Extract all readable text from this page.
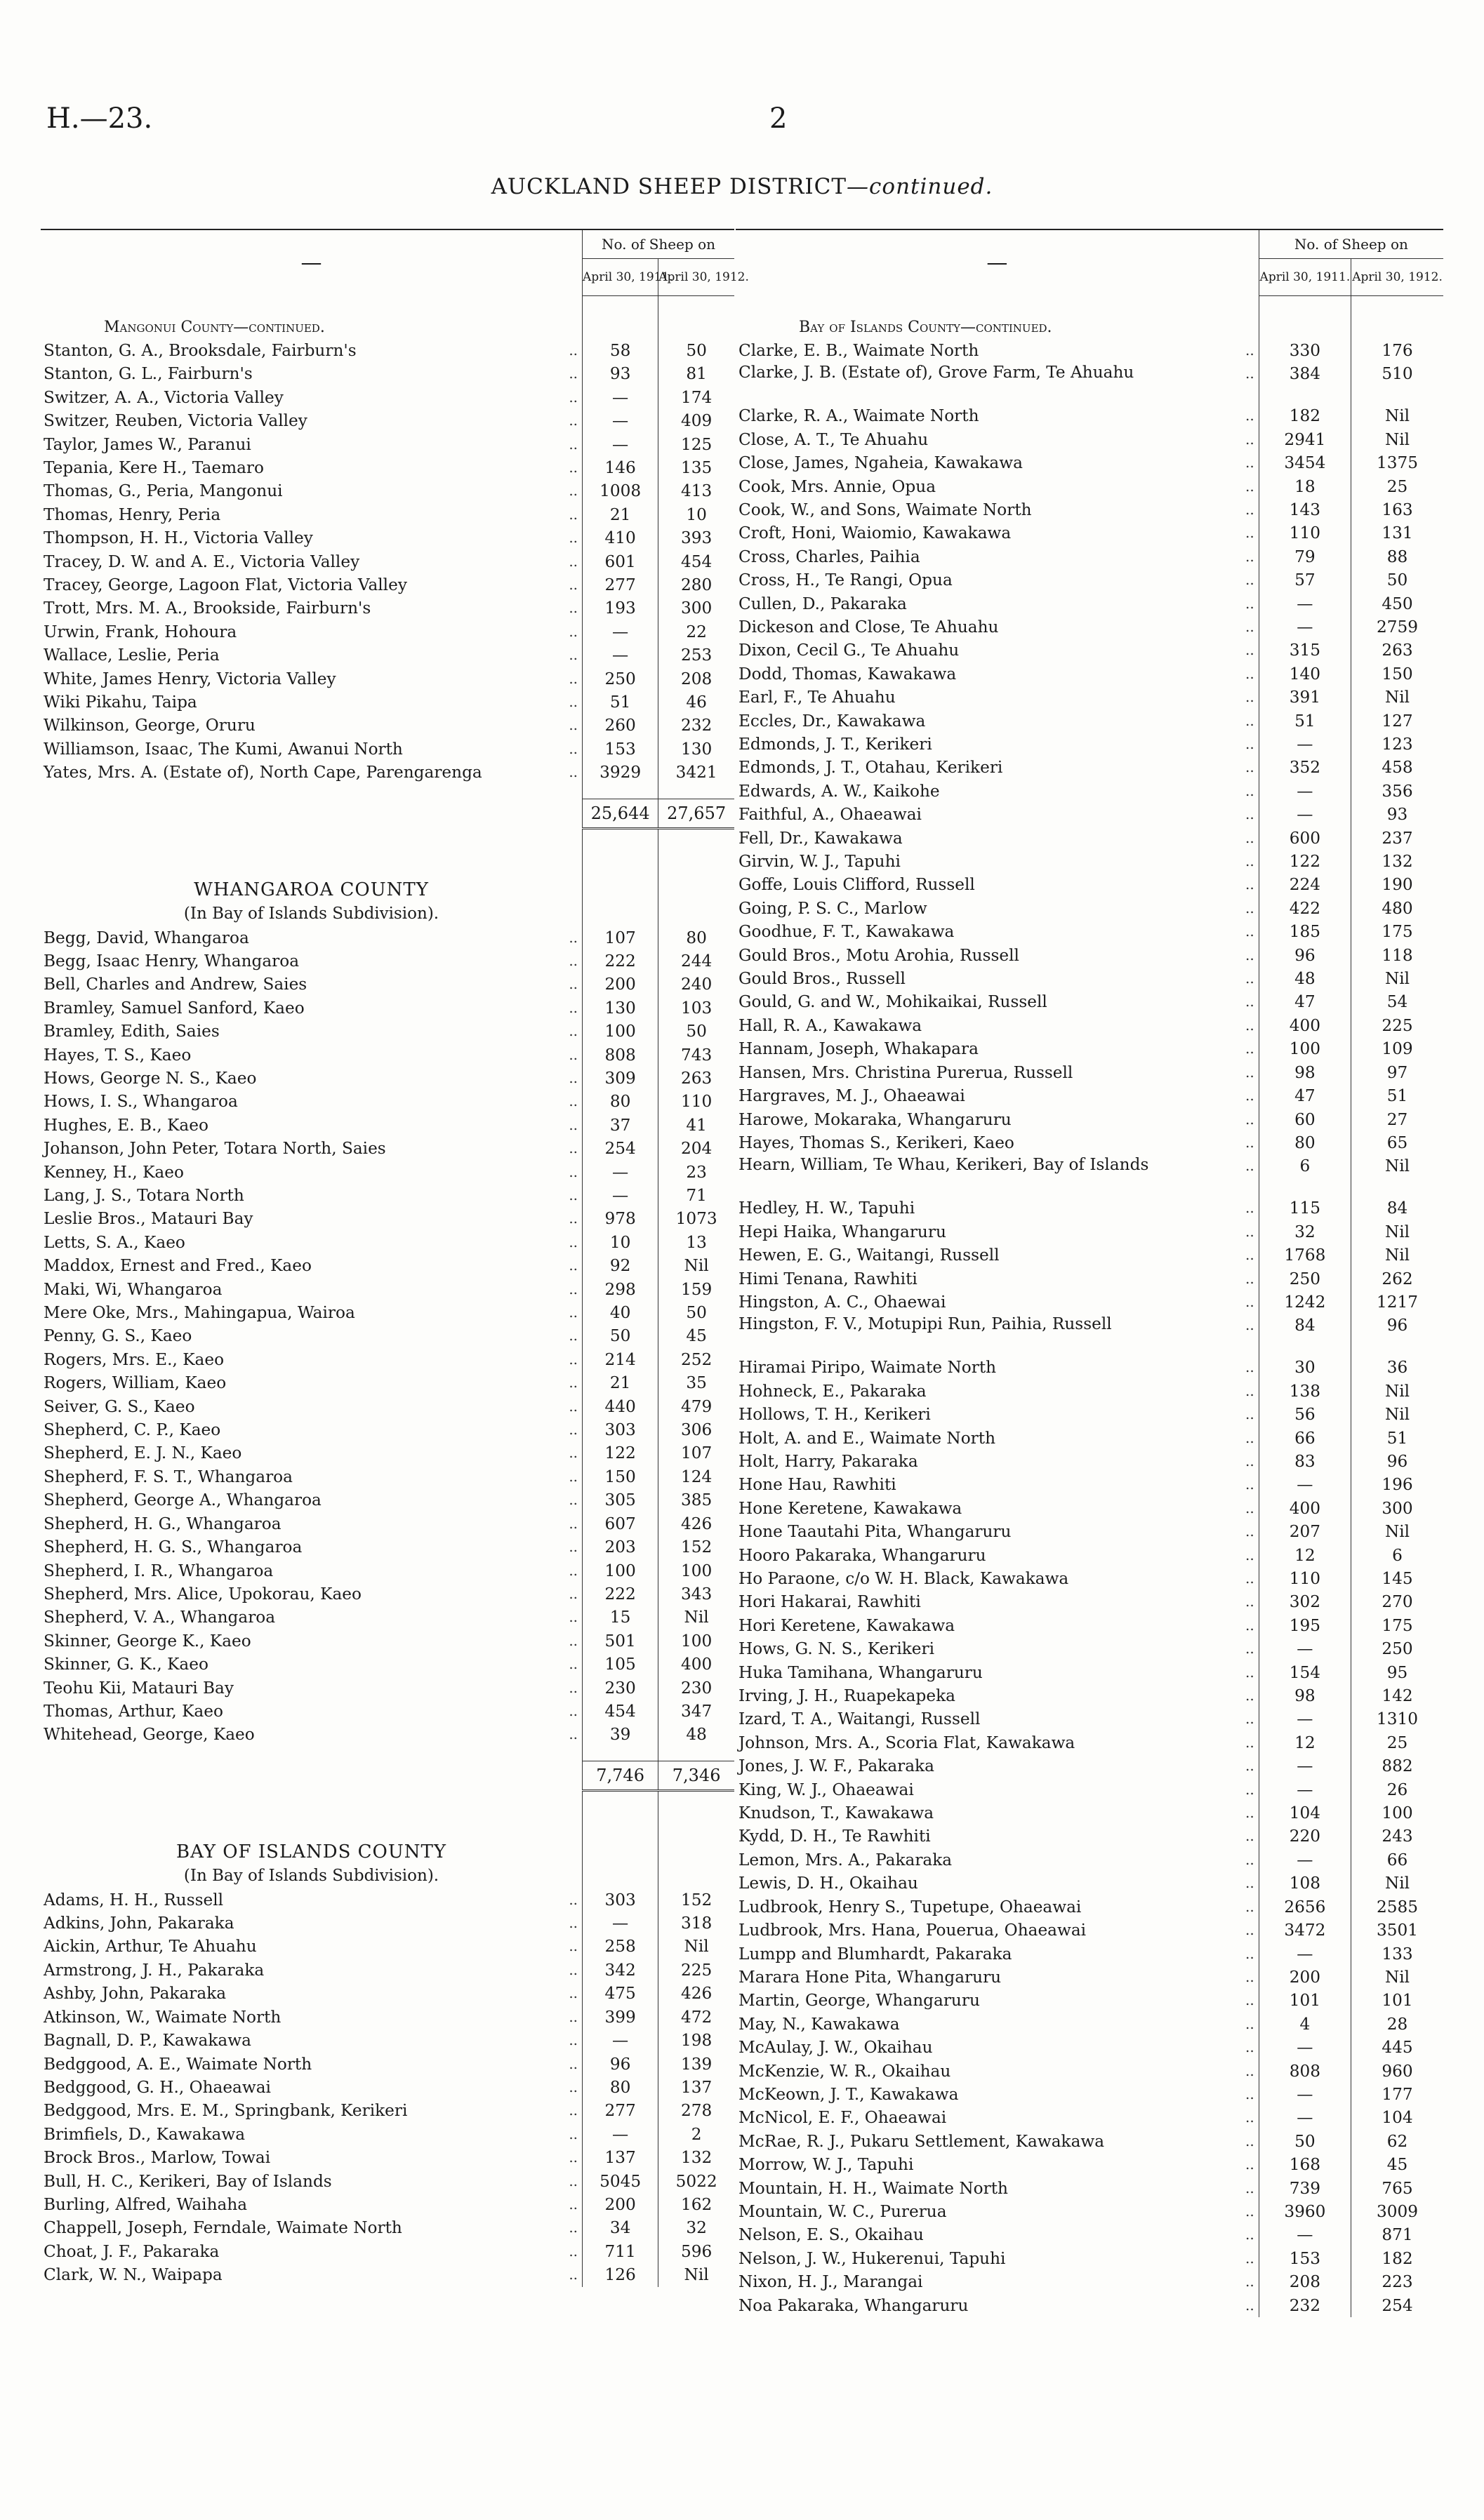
H.—23.	2
AUCKLAND SHEEP DISTRICT—continued.
—		No. of Sheep on	
		April 30, 1911.	April 30, 1912.

Mangonui County—continued.			
Stanton, G. A., Brooksdale, Fairburn's	..	58	50
Stanton, G. L., Fairburn's	..	93	81
Switzer, A. A., Victoria Valley	..	—	174
Switzer, Reuben, Victoria Valley	..	—	409
Taylor, James W., Paranui	..	—	125
Tepania, Kere H., Taemaro	..	146	135
Thomas, G., Peria, Mangonui	..	1008	413
Thomas, Henry, Peria	..	21	10
Thompson, H. H., Victoria Valley	..	410	393
Tracey, D. W. and A. E., Victoria Valley	..	601	454
Tracey, George, Lagoon Flat, Victoria Valley	..	277	280
Trott, Mrs. M. A., Brookside, Fairburn's	..	193	300
Urwin, Frank, Hohoura	..	—	22
Wallace, Leslie, Peria	..	—	253
White, James Henry, Victoria Valley	..	250	208
Wiki Pikahu, Taipa	..	51	46
Wilkinson, George, Oruru	..	260	232
Williamson, Isaac, The Kumi, Awanui North	..	153	130
Yates, Mrs. A. (Estate of), North Cape, Parengarenga	..	3929	3421

		25,644	27,657

WHANGAROA COUNTY			
(In Bay of Islands Subdivision).			
Begg, David, Whangaroa	..	107	80
Begg, Isaac Henry, Whangaroa	..	222	244
Bell, Charles and Andrew, Saies	..	200	240
Bramley, Samuel Sanford, Kaeo	..	130	103
Bramley, Edith, Saies	..	100	50
Hayes, T. S., Kaeo	..	808	743
Hows, George N. S., Kaeo	..	309	263
Hows, I. S., Whangaroa	..	80	110
Hughes, E. B., Kaeo	..	37	41
Johanson, John Peter, Totara North, Saies	..	254	204
Kenney, H., Kaeo	..	—	23
Lang, J. S., Totara North	..	—	71
Leslie Bros., Matauri Bay	..	978	1073
Letts, S. A., Kaeo	..	10	13
Maddox, Ernest and Fred., Kaeo	..	92	Nil
Maki, Wi, Whangaroa	..	298	159
Mere Oke, Mrs., Mahingapua, Wairoa	..	40	50
Penny, G. S., Kaeo	..	50	45
Rogers, Mrs. E., Kaeo	..	214	252
Rogers, William, Kaeo	..	21	35
Seiver, G. S., Kaeo	..	440	479
Shepherd, C. P., Kaeo	..	303	306
Shepherd, E. J. N., Kaeo	..	122	107
Shepherd, F. S. T., Whangaroa	..	150	124
Shepherd, George A., Whangaroa	..	305	385
Shepherd, H. G., Whangaroa	..	607	426
Shepherd, H. G. S., Whangaroa	..	203	152
Shepherd, I. R., Whangaroa	..	100	100
Shepherd, Mrs. Alice, Upokorau, Kaeo	..	222	343
Shepherd, V. A., Whangaroa	..	15	Nil
Skinner, George K., Kaeo	..	501	100
Skinner, G. K., Kaeo	..	105	400
Teohu Kii, Matauri Bay	..	230	230
Thomas, Arthur, Kaeo	..	454	347
Whitehead, George, Kaeo	..	39	48

		7,746	7,346

BAY OF ISLANDS COUNTY			
(In Bay of Islands Subdivision).			
Adams, H. H., Russell	..	303	152
Adkins, John, Pakaraka	..	—	318
Aickin, Arthur, Te Ahuahu	..	258	Nil
Armstrong, J. H., Pakaraka	..	342	225
Ashby, John, Pakaraka	..	475	426
Atkinson, W., Waimate North	..	399	472
Bagnall, D. P., Kawakawa	..	—	198
Bedggood, A. E., Waimate North	..	96	139
Bedggood, G. H., Ohaeawai	..	80	137
Bedggood, Mrs. E. M., Springbank, Kerikeri	..	277	278
Brimfiels, D., Kawakawa	..	—	2
Brock Bros., Marlow, Towai	..	137	132
Bull, H. C., Kerikeri, Bay of Islands	..	5045	5022
Burling, Alfred, Waihaha	..	200	162
Chappell, Joseph, Ferndale, Waimate North	..	34	32
Choat, J. F., Pakaraka	..	711	596
Clark, W. N., Waipapa	..	126	Nil
—		No. of Sheep on	
		April 30, 1911.	April 30, 1912.

Bay of Islands County—continued.			
Clarke, E. B., Waimate North	..	330	176
Clarke, J. B. (Estate of), Grove Farm, Te Ahuahu	..	384	510
Clarke, R. A., Waimate North	..	182	Nil
Close, A. T., Te Ahuahu	..	2941	Nil
Close, James, Ngaheia, Kawakawa	..	3454	1375
Cook, Mrs. Annie, Opua	..	18	25
Cook, W., and Sons, Waimate North	..	143	163
Croft, Honi, Waiomio, Kawakawa	..	110	131
Cross, Charles, Paihia	..	79	88
Cross, H., Te Rangi, Opua	..	57	50
Cullen, D., Pakaraka	..	—	450
Dickeson and Close, Te Ahuahu	..	—	2759
Dixon, Cecil G., Te Ahuahu	..	315	263
Dodd, Thomas, Kawakawa	..	140	150
Earl, F., Te Ahuahu	..	391	Nil
Eccles, Dr., Kawakawa	..	51	127
Edmonds, J. T., Kerikeri	..	—	123
Edmonds, J. T., Otahau, Kerikeri	..	352	458
Edwards, A. W., Kaikohe	..	—	356
Faithful, A., Ohaeawai	..	—	93
Fell, Dr., Kawakawa	..	600	237
Girvin, W. J., Tapuhi	..	122	132
Goffe, Louis Clifford, Russell	..	224	190
Going, P. S. C., Marlow	..	422	480
Goodhue, F. T., Kawakawa	..	185	175
Gould Bros., Motu Arohia, Russell	..	96	118
Gould Bros., Russell	..	48	Nil
Gould, G. and W., Mohikaikai, Russell	..	47	54
Hall, R. A., Kawakawa	..	400	225
Hannam, Joseph, Whakapara	..	100	109
Hansen, Mrs. Christina Purerua, Russell	..	98	97
Hargraves, M. J., Ohaeawai	..	47	51
Harowe, Mokaraka, Whangaruru	..	60	27
Hayes, Thomas S., Kerikeri, Kaeo	..	80	65
Hearn, William, Te Whau, Kerikeri, Bay of Islands	..	6	Nil
Hedley, H. W., Tapuhi	..	115	84
Hepi Haika, Whangaruru	..	32	Nil
Hewen, E. G., Waitangi, Russell	..	1768	Nil
Himi Tenana, Rawhiti	..	250	262
Hingston, A. C., Ohaewai	..	1242	1217
Hingston, F. V., Motupipi Run, Paihia, Russell	..	84	96
Hiramai Piripo, Waimate North	..	30	36
Hohneck, E., Pakaraka	..	138	Nil
Hollows, T. H., Kerikeri	..	56	Nil
Holt, A. and E., Waimate North	..	66	51
Holt, Harry, Pakaraka	..	83	96
Hone Hau, Rawhiti	..	—	196
Hone Keretene, Kawakawa	..	400	300
Hone Taautahi Pita, Whangaruru	..	207	Nil
Hooro Pakaraka, Whangaruru	..	12	6
Ho Paraone, c/o W. H. Black, Kawakawa	..	110	145
Hori Hakarai, Rawhiti	..	302	270
Hori Keretene, Kawakawa	..	195	175
Hows, G. N. S., Kerikeri	..	—	250
Huka Tamihana, Whangaruru	..	154	95
Irving, J. H., Ruapekapeka	..	98	142
Izard, T. A., Waitangi, Russell	..	—	1310
Johnson, Mrs. A., Scoria Flat, Kawakawa	..	12	25
Jones, J. W. F., Pakaraka	..	—	882
King, W. J., Ohaeawai	..	—	26
Knudson, T., Kawakawa	..	104	100
Kydd, D. H., Te Rawhiti	..	220	243
Lemon, Mrs. A., Pakaraka	..	—	66
Lewis, D. H., Okaihau	..	108	Nil
Ludbrook, Henry S., Tupetupe, Ohaeawai	..	2656	2585
Ludbrook, Mrs. Hana, Pouerua, Ohaeawai	..	3472	3501
Lumpp and Blumhardt, Pakaraka	..	—	133
Marara Hone Pita, Whangaruru	..	200	Nil
Martin, George, Whangaruru	..	101	101
May, N., Kawakawa	..	4	28
McAulay, J. W., Okaihau	..	—	445
McKenzie, W. R., Okaihau	..	808	960
McKeown, J. T., Kawakawa	..	—	177
McNicol, E. F., Ohaeawai	..	—	104
McRae, R. J., Pukaru Settlement, Kawakawa	..	50	62
Morrow, W. J., Tapuhi	..	168	45
Mountain, H. H., Waimate North	..	739	765
Mountain, W. C., Purerua	..	3960	3009
Nelson, E. S., Okaihau	..	—	871
Nelson, J. W., Hukerenui, Tapuhi	..	153	182
Nixon, H. J., Marangai	..	208	223
Noa Pakaraka, Whangaruru	..	232	254
